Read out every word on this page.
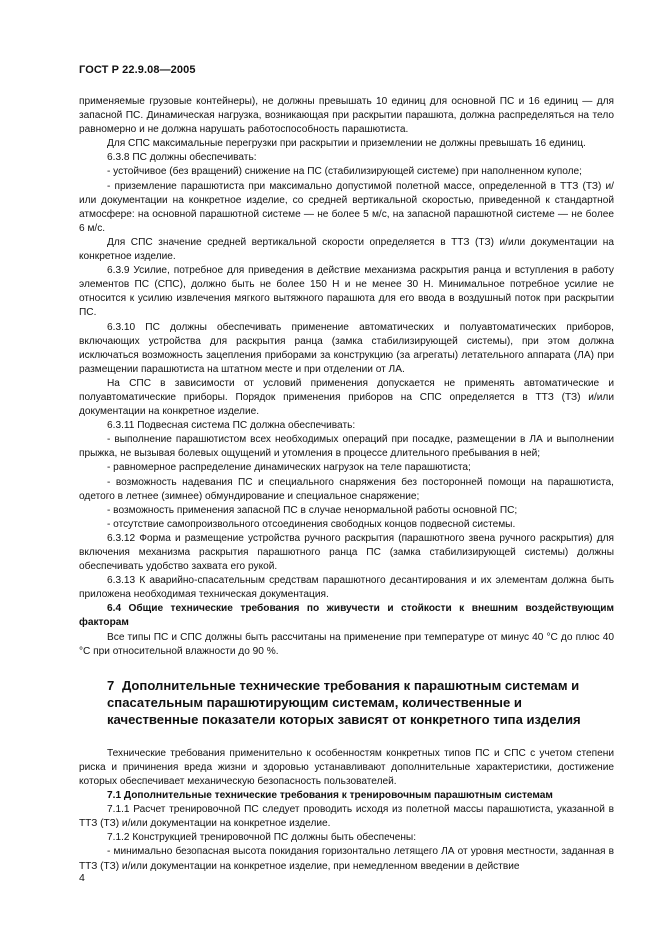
ГОСТ Р 22.9.08—2005

применяемые грузовые контейнеры), не должны превышать 10 единиц для основной ПС и 16 единиц — для запасной ПС. Динамическая нагрузка, возникающая при раскрытии парашюта, должна распределяться на тело равномерно и не должна нарушать работоспособность парашютиста.

Для СПС максимальные перегрузки при раскрытии и приземлении не должны превышать 16 единиц.

6.3.8 ПС должны обеспечивать:

- устойчивое (без вращений) снижение на ПС (стабилизирующей системе) при наполненном куполе;

- приземление парашютиста при максимально допустимой полетной массе, определенной в ТТЗ (ТЗ) и/или документации на конкретное изделие, со средней вертикальной скоростью, приведенной к стандартной атмосфере: на основной парашютной системе — не более 5 м/с, на запасной парашютной системе — не более 6 м/с.

Для СПС значение средней вертикальной скорости определяется в ТТЗ (ТЗ) и/или документации на конкретное изделие.

6.3.9 Усилие, потребное для приведения в действие механизма раскрытия ранца и вступления в работу элементов ПС (СПС), должно быть не более 150 Н и не менее 30 Н. Минимальное потребное усилие не относится к усилию извлечения мягкого вытяжного парашюта для его ввода в воздушный поток при раскрытии ПС.

6.3.10 ПС должны обеспечивать применение автоматических и полуавтоматических приборов, включающих устройства для раскрытия ранца (замка стабилизирующей системы), при этом должна исключаться возможность зацепления приборами за конструкцию (за агрегаты) летательного аппарата (ЛА) при размещении парашютиста на штатном месте и при отделении от ЛА.

На СПС в зависимости от условий применения допускается не применять автоматические и полуавтоматические приборы. Порядок применения приборов на СПС определяется в ТТЗ (ТЗ) и/или документации на конкретное изделие.

6.3.11 Подвесная система ПС должна обеспечивать:

- выполнение парашютистом всех необходимых операций при посадке, размещении в ЛА и выполнении прыжка, не вызывая болевых ощущений и утомления в процессе длительного пребывания в ней;

- равномерное распределение динамических нагрузок на теле парашютиста;

- возможность надевания ПС и специального снаряжения без посторонней помощи на парашютиста, одетого в летнее (зимнее) обмундирование и специальное снаряжение;

- возможность применения запасной ПС в случае ненормальной работы основной ПС;

- отсутствие самопроизвольного отсоединения свободных концов подвесной системы.

6.3.12 Форма и размещение устройства ручного раскрытия (парашютного звена ручного раскрытия) для включения механизма раскрытия парашютного ранца ПС (замка стабилизирующей системы) должны обеспечивать удобство захвата его рукой.

6.3.13 К аварийно-спасательным средствам парашютного десантирования и их элементам должна быть приложена необходимая техническая документация.

6.4 Общие технические требования по живучести и стойкости к внешним воздействующим факторам

Все типы ПС и СПС должны быть рассчитаны на применение при температуре от минус 40 °С до плюс 40 °С при относительной влажности до 90 %.

7 Дополнительные технические требования к парашютным системам и спасательным парашютирующим системам, количественные и качественные показатели которых зависят от конкретного типа изделия

Технические требования применительно к особенностям конкретных типов ПС и СПС с учетом степени риска и причинения вреда жизни и здоровью устанавливают дополнительные характеристики, достижение которых обеспечивает механическую безопасность пользователей.

7.1 Дополнительные технические требования к тренировочным парашютным системам

7.1.1 Расчет тренировочной ПС следует проводить исходя из полетной массы парашютиста, указанной в ТТЗ (ТЗ) и/или документации на конкретное изделие.

7.1.2 Конструкцией тренировочной ПС должны быть обеспечены:

- минимально безопасная высота покидания горизонтально летящего ЛА от уровня местности, заданная в ТТЗ (ТЗ) и/или документации на конкретное изделие, при немедленном введении в действие

4
